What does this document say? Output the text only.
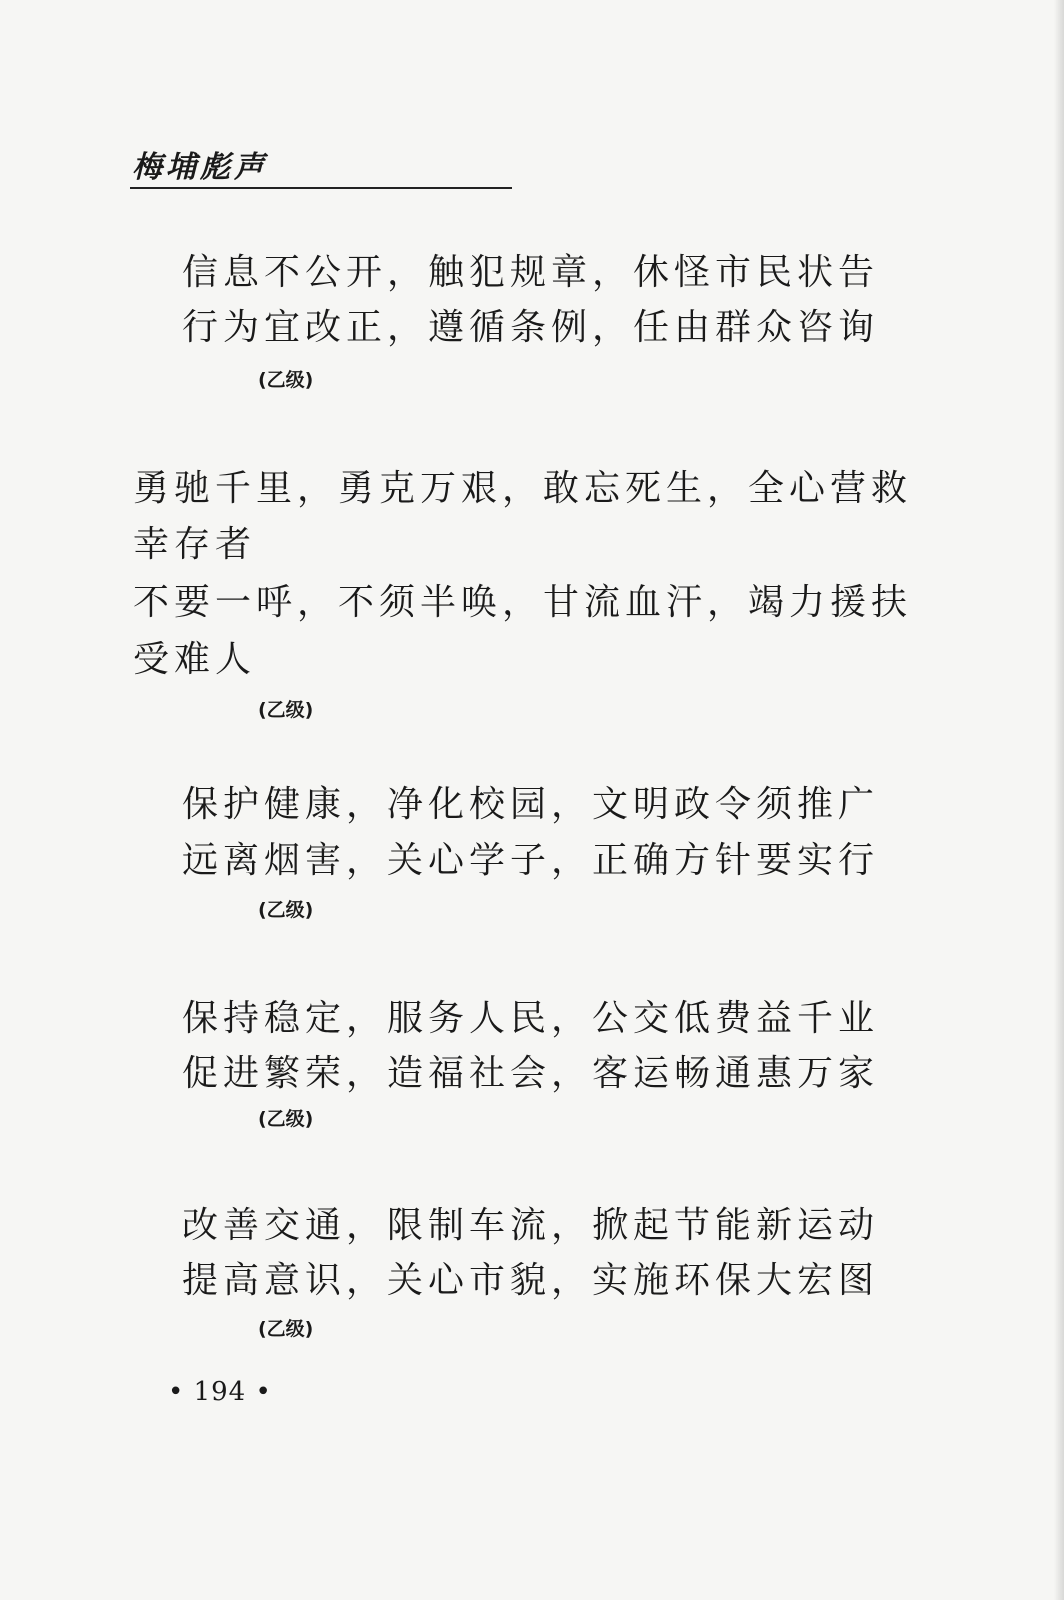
梅埔彪声
信息不公开，触犯规章，休怪市民状告
行为宜改正，遵循条例，任由群众咨询
(乙级)
勇驰千里，勇克万艰，敢忘死生，全心营救
幸存者
不要一呼，不须半唤，甘流血汗，竭力援扶
受难人
(乙级)
保护健康，净化校园，文明政令须推广
远离烟害，关心学子，正确方针要实行
(乙级)
保持稳定，服务人民，公交低费益千业
促进繁荣，造福社会，客运畅通惠万家
(乙级)
改善交通，限制车流，掀起节能新运动
提高意识，关心市貌，实施环保大宏图
(乙级)
• 194 •
